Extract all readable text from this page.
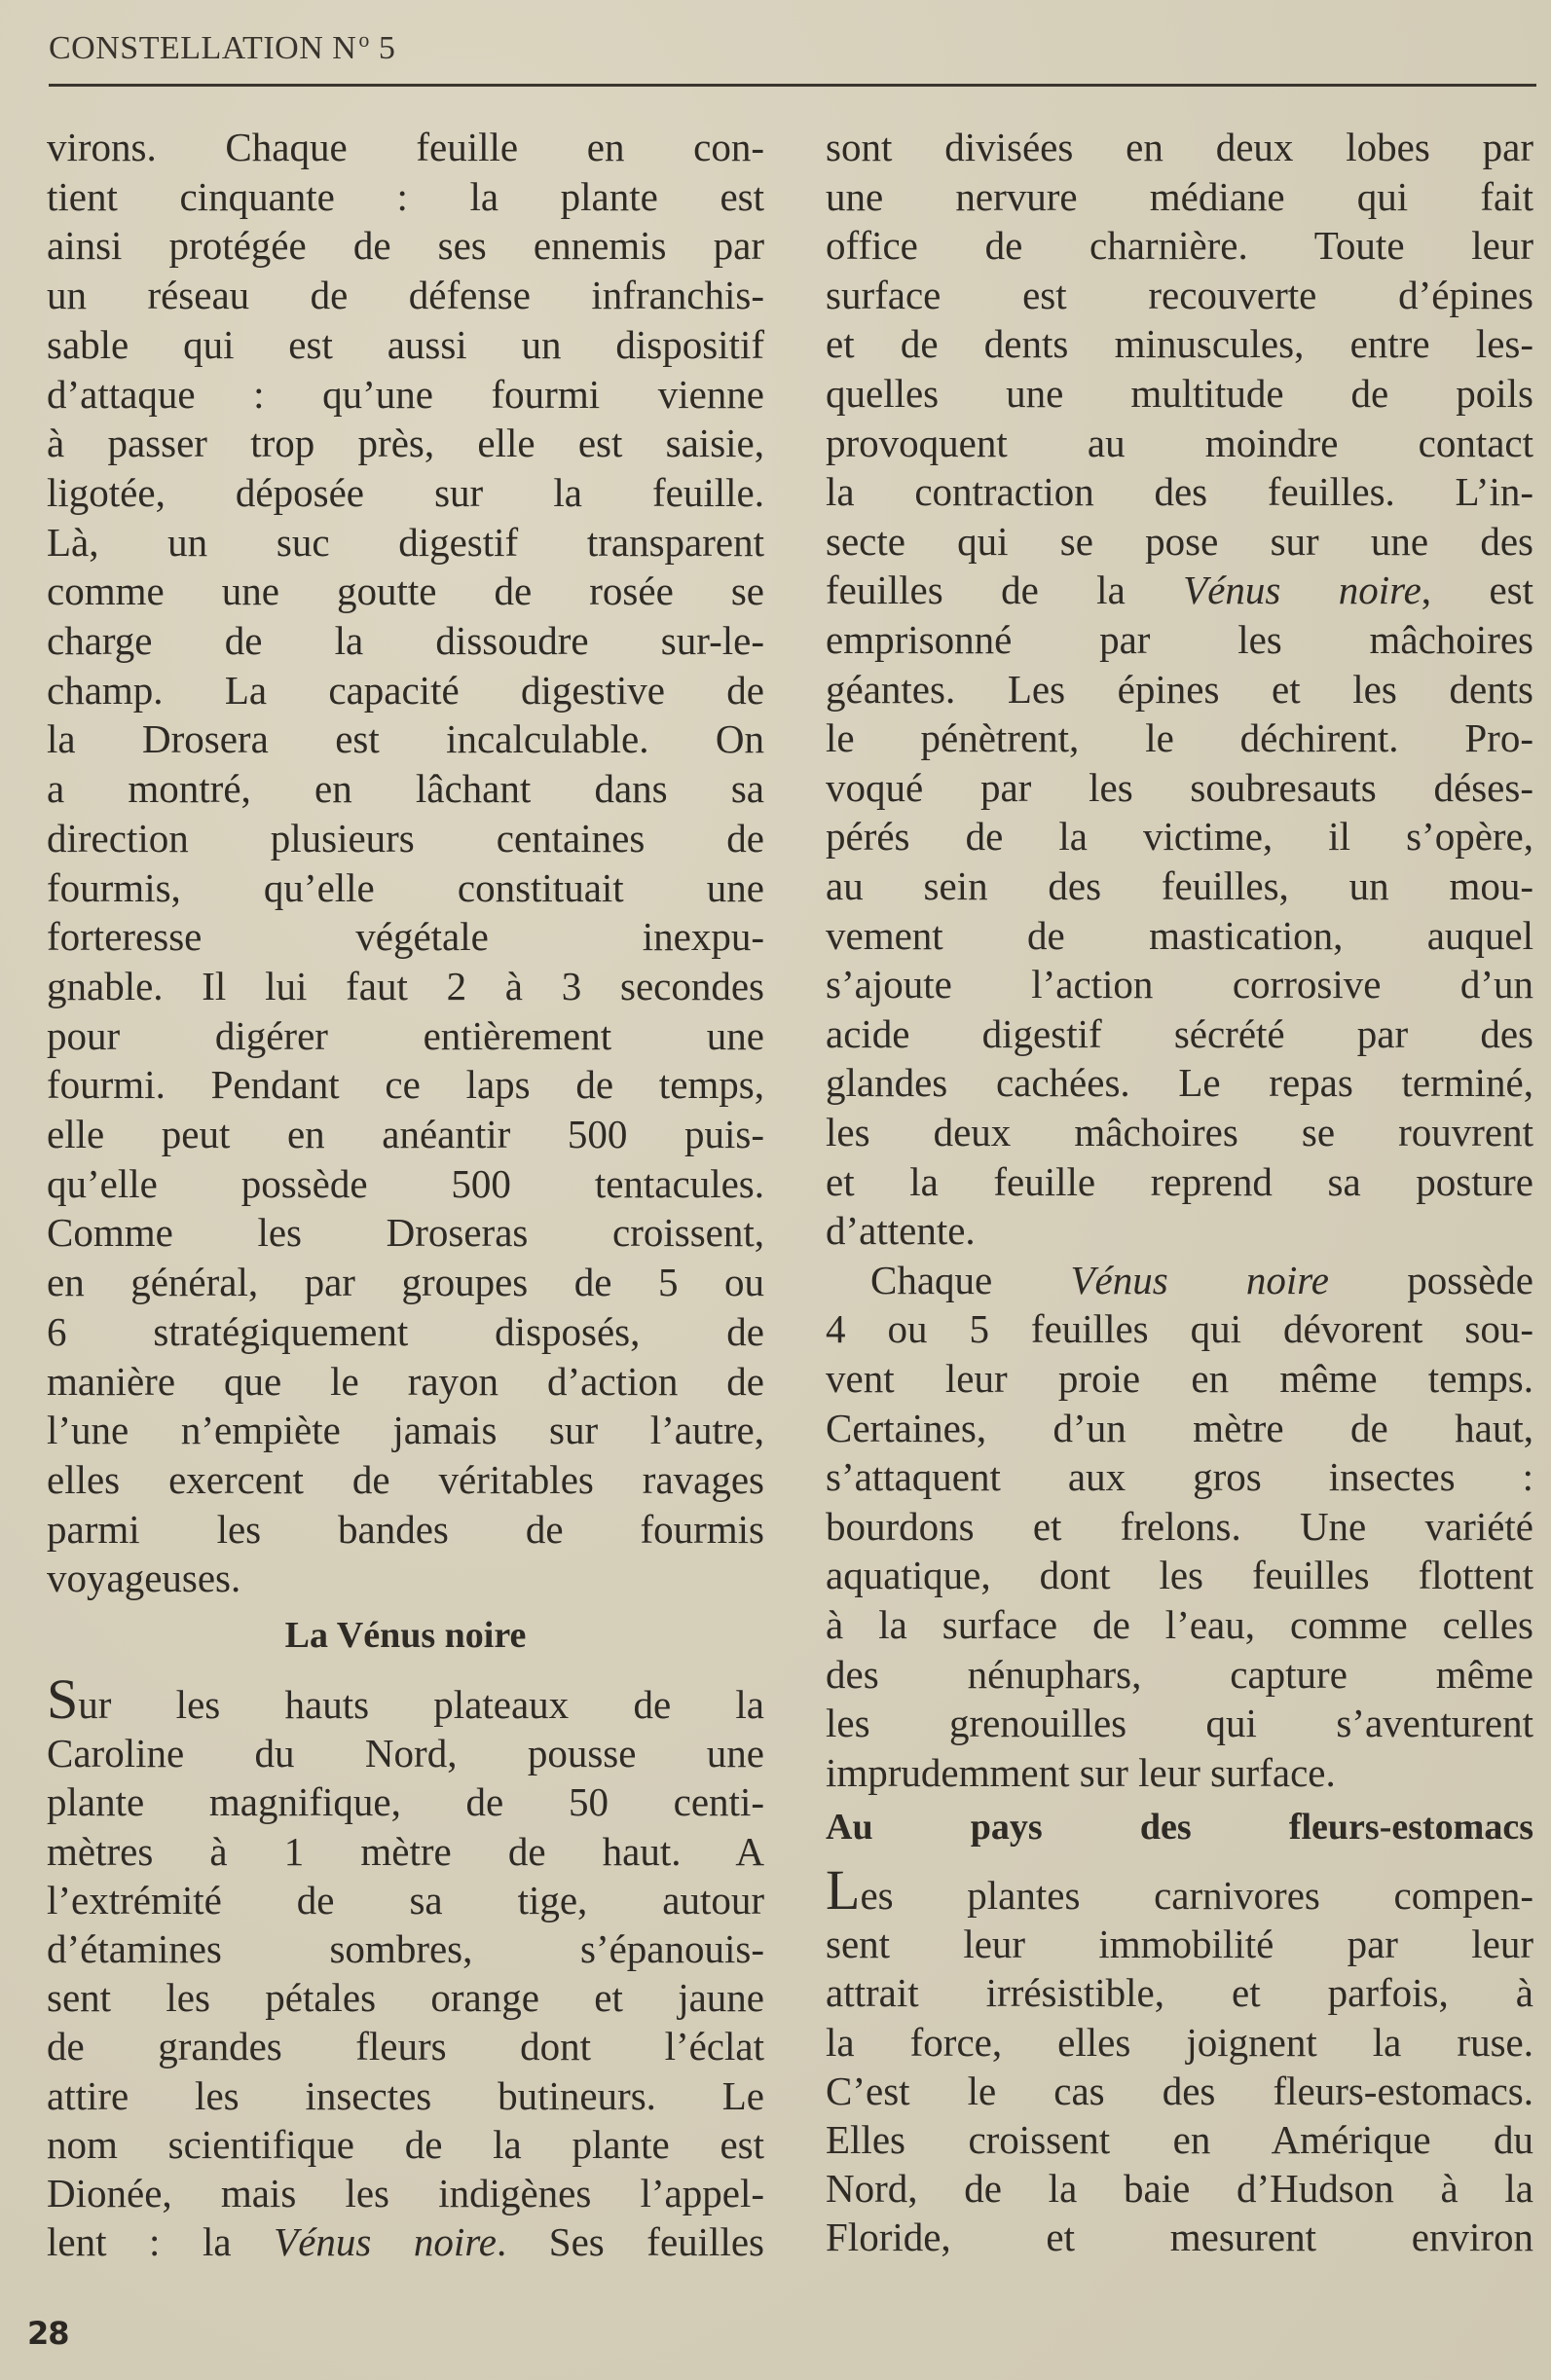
CONSTELLATION $N^o$ 5
virons. Chaque feuille en con-
tient cinquante : la plante est
ainsi protégée de ses ennemis par
un réseau de défense infranchis-
sable qui est aussi un dispositif
d’attaque : qu’une fourmi vienne
à passer trop près, elle est saisie,
ligotée, déposée sur la feuille.
Là, un suc digestif transparent
comme une goutte de rosée se
charge de la dissoudre sur-le-
champ. La capacité digestive de
la Drosera est incalculable. On
a montré, en lâchant dans sa
direction plusieurs centaines de
fourmis, qu’elle constituait une
forteresse végétale inexpu-
gnable. Il lui faut 2 à 3 secondes
pour digérer entièrement une
fourmi. Pendant ce laps de temps,
elle peut en anéantir 500 puis-
qu’elle possède 500 tentacules.
Comme les Droseras croissent,
en général, par groupes de 5 ou
6 stratégiquement disposés, de
manière que le rayon d’action de
l’une n’empiète jamais sur l’autre,
elles exercent de véritables ravages
parmi les bandes de fourmis
voyageuses.
La Vénus noire
Sur les hauts plateaux de la
Caroline du Nord, pousse une
plante magnifique, de 50 centi-
mètres à 1 mètre de haut. A
l’extrémité de sa tige, autour
d’étamines sombres, s’épanouis-
sent les pétales orange et jaune
de grandes fleurs dont l’éclat
attire les insectes butineurs. Le
nom scientifique de la plante est
Dionée, mais les indigènes l’appel-
lent : la Vénus noire. Ses feuilles
sont divisées en deux lobes par
une nervure médiane qui fait
office de charnière. Toute leur
surface est recouverte d’épines
et de dents minuscules, entre les-
quelles une multitude de poils
provoquent au moindre contact
la contraction des feuilles. L’in-
secte qui se pose sur une des
feuilles de la Vénus noire, est
emprisonné par les mâchoires
géantes. Les épines et les dents
le pénètrent, le déchirent. Pro-
voqué par les soubresauts déses-
pérés de la victime, il s’opère,
au sein des feuilles, un mou-
vement de mastication, auquel
s’ajoute l’action corrosive d’un
acide digestif sécrété par des
glandes cachées. Le repas terminé,
les deux mâchoires se rouvrent
et la feuille reprend sa posture
d’attente.
Chaque Vénus noire possède
4 ou 5 feuilles qui dévorent sou-
vent leur proie en même temps.
Certaines, d’un mètre de haut,
s’attaquent aux gros insectes :
bourdons et frelons. Une variété
aquatique, dont les feuilles flottent
à la surface de l’eau, comme celles
des nénuphars, capture même
les grenouilles qui s’aventurent
imprudemment sur leur surface.
Au pays des fleurs-estomacs
Les plantes carnivores compen-
sent leur immobilité par leur
attrait irrésistible, et parfois, à
la force, elles joignent la ruse.
C’est le cas des fleurs-estomacs.
Elles croissent en Amérique du
Nord, de la baie d’Hudson à la
Floride, et mesurent environ
28
